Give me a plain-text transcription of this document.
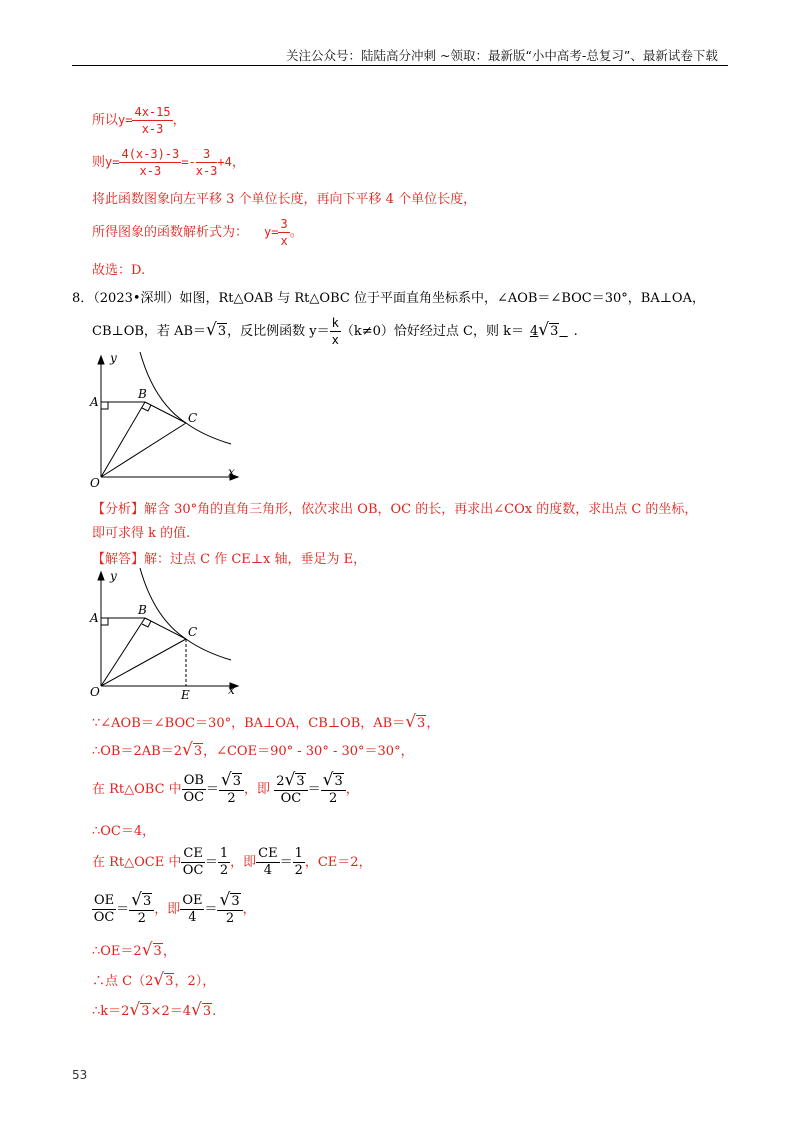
关注公众号：陆陆高分冲刺 ~领取：最新版“小中高考-总复习”、最新试卷下载
所以$y= \frac{4x-15}{x-3}$ ，
则$y= \frac{4(x-3)-3}{x-3} =- \frac{3}{x-3} +4$，
将此函数图象向左平移 3 个单位长度，再向下平移 4 个单位长度，
所得图象的函数解析式为： $y= \frac{3}{x}$ 。
故选：D.
8．（2023•深圳）如图，Rt△OAB 与 Rt△OBC 位于平面直角坐标系中，∠AOB＝∠BOC＝30°，BA⊥OA，
CB⊥OB，若 AB＝√3，反比例函数 $y= \frac{k}{x} (k\ne 0)$恰好经过点 C，则 k＝ 4√3 .
y
A
B
C
O
x
【分析】解含 30°角的直角三角形，依次求出 OB，OC 的长，再求出∠COx 的度数，求出点 C 的坐标，
即可求得 k 的值.
【解答】解：过点 C 作 CE⊥x 轴，垂足为 E，
y
A
B
C
O	E	x
∵∠AOB＝∠BOC＝30°，BA⊥OA，CB⊥OB，AB＝√3，
∴OB＝2AB＝2√3，∠COE＝90° - 30° - 30°＝30°，
在 Rt△OBC 中 $\frac{OB}{OC} = \frac{√3}{2}$ ，即 $\frac{2√3}{OC} = \frac{√3}{2}$ ，
∴OC＝4，
在 Rt△OCE 中 $\frac{CE}{OC} = \frac{1}{2}$ ，即 $\frac{CE}{4} = \frac{1}{2}$ ，CE＝2，
$\frac{OE}{OC} = \frac{√3}{2}$ ，即 $\frac{OE}{4} = \frac{√3}{2}$ ，
∴OE＝2√3，
∴点 C（2√3，2），
∴k＝2√3×2＝4√3.
53
